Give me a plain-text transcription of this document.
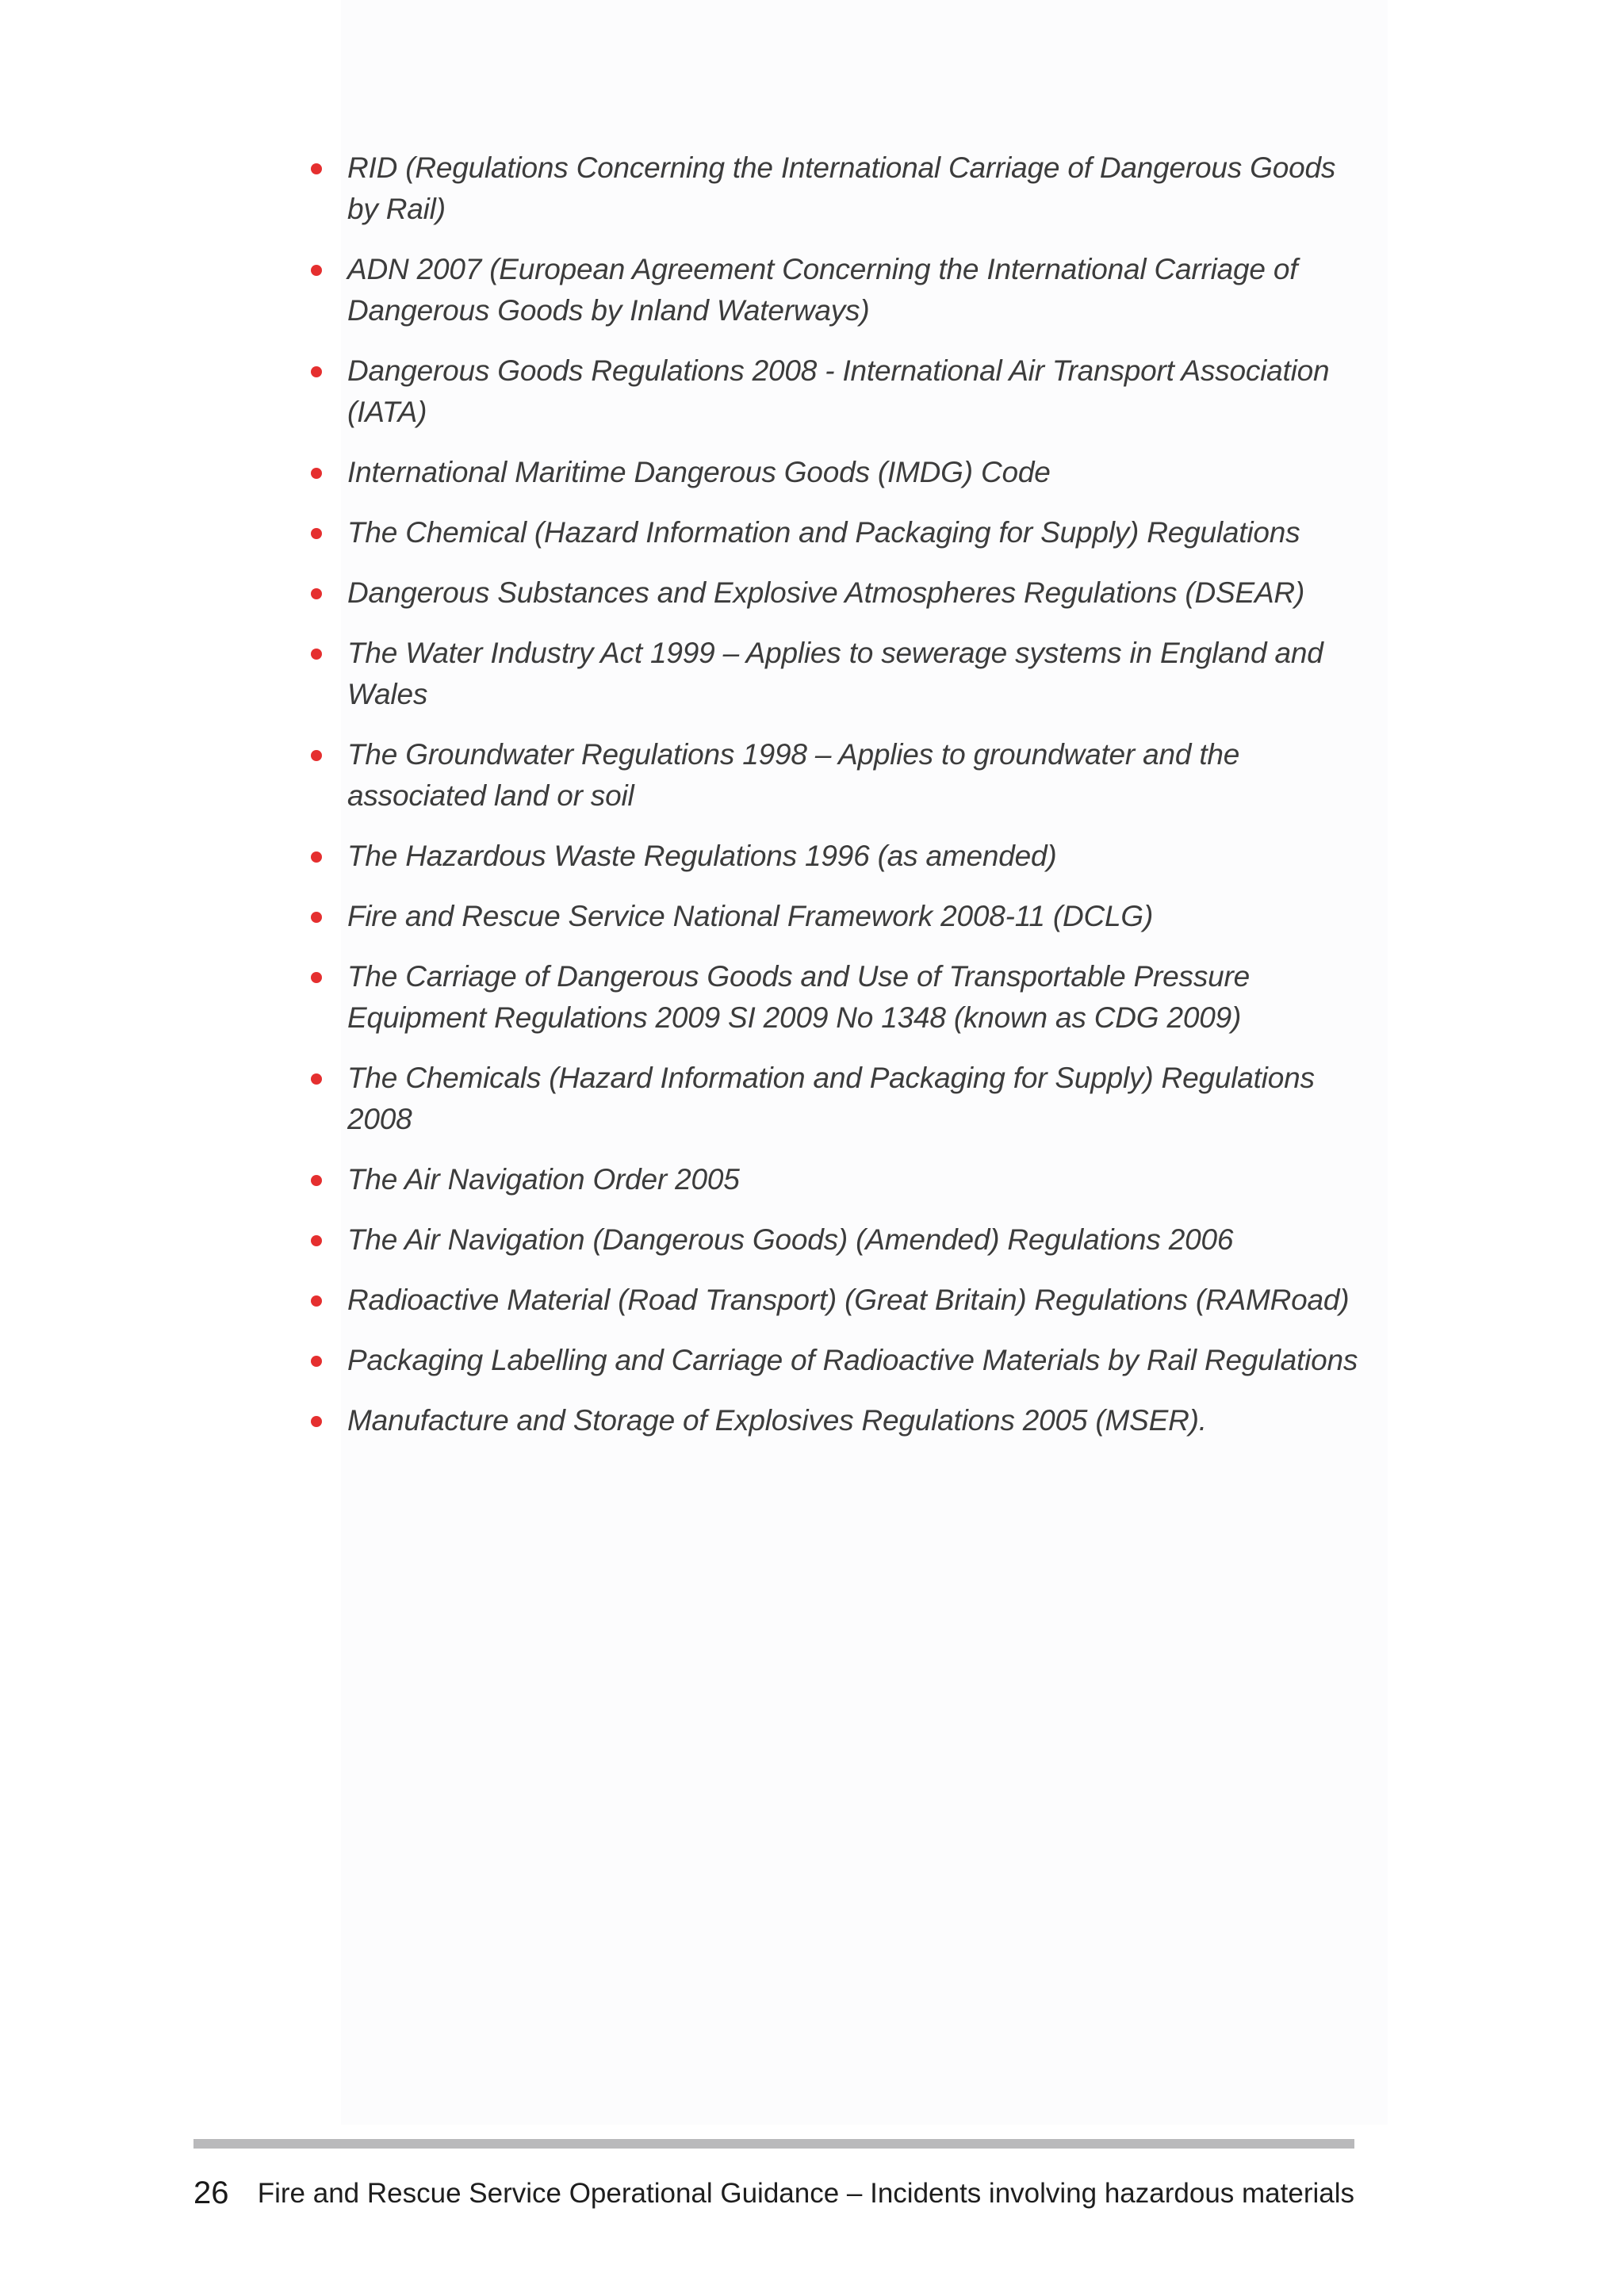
RID (Regulations Concerning the International Carriage of Dangerous Goods by Rail)
ADN 2007 (European Agreement Concerning the International Carriage of Dangerous Goods by Inland Waterways)
Dangerous Goods Regulations 2008 - International Air Transport Association (IATA)
International Maritime Dangerous Goods (IMDG) Code
The Chemical (Hazard Information and Packaging for Supply) Regulations
Dangerous Substances and Explosive Atmospheres Regulations (DSEAR)
The Water Industry Act 1999 – Applies to sewerage systems in England and Wales
The Groundwater Regulations 1998 – Applies to groundwater and the associated land or soil
The Hazardous Waste Regulations 1996 (as amended)
Fire and Rescue Service National Framework 2008-11 (DCLG)
The Carriage of Dangerous Goods and Use of Transportable Pressure Equipment Regulations 2009 SI 2009 No 1348 (known as CDG 2009)
The Chemicals (Hazard Information and Packaging for Supply) Regulations 2008
The Air Navigation Order 2005
The Air Navigation (Dangerous Goods) (Amended) Regulations 2006
Radioactive Material (Road Transport) (Great Britain) Regulations (RAMRoad)
Packaging Labelling and Carriage of Radioactive Materials by Rail Regulations
Manufacture and Storage of Explosives Regulations 2005 (MSER).
26 Fire and Rescue Service Operational Guidance – Incidents involving hazardous materials
